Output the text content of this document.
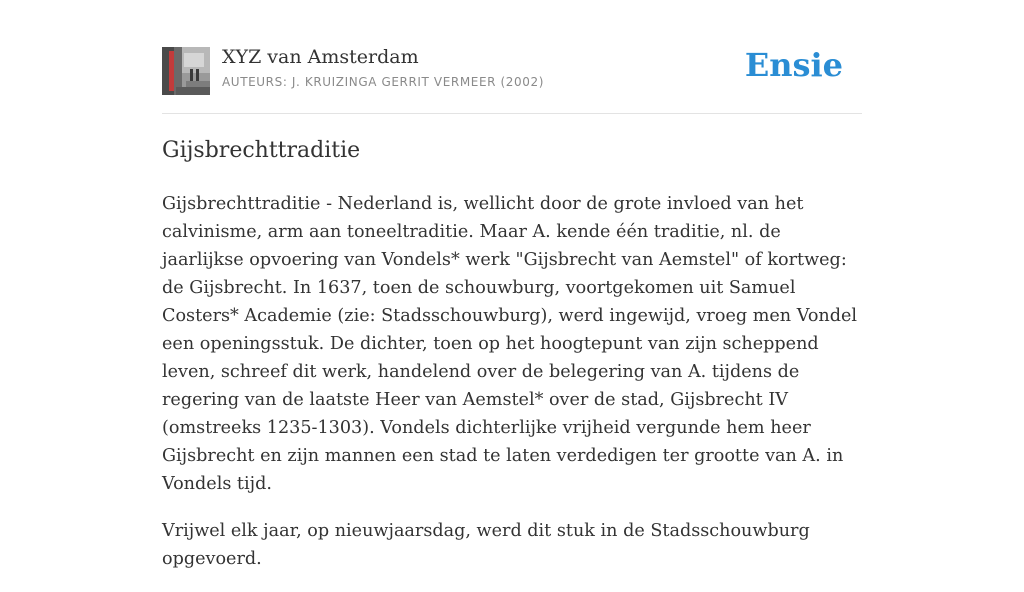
XYZ van Amsterdam
AUTEURS: J. KRUIZINGA GERRIT VERMEER (2002)	Ensie
Gijsbrechttraditie

Gijsbrechttraditie - Nederland is, wellicht door de grote invloed van het calvinisme, arm aan toneeltraditie. Maar A. kende één traditie, nl. de jaarlijkse opvoering van Vondels* werk "Gijsbrecht van Aemstel" of kortweg: de Gijsbrecht. In 1637, toen de schouwburg, voortgekomen uit Samuel Costers* Academie (zie: Stadsschouwburg), werd ingewijd, vroeg men Vondel een openingsstuk. De dichter, toen op het hoogtepunt van zijn scheppend leven, schreef dit werk, handelend over de belegering van A. tijdens de regering van de laatste Heer van Aemstel* over de stad, Gijsbrecht IV (omstreeks 1235-1303). Vondels dichterlijke vrijheid vergunde hem heer Gijsbrecht en zijn mannen een stad te laten verdedigen ter grootte van A. in Vondels tijd.

Vrijwel elk jaar, op nieuwjaarsdag, werd dit stuk in de Stadsschouwburg opgevoerd.
